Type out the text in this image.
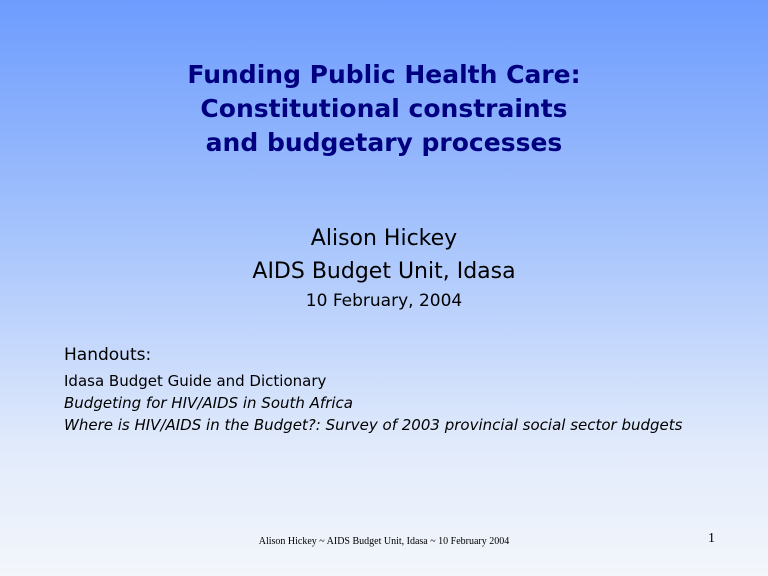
Funding Public Health Care:
Constitutional constraints
and budgetary processes
Alison Hickey
AIDS Budget Unit, Idasa
10 February, 2004
Handouts:

Idasa Budget Guide and Dictionary

Budgeting for HIV/AIDS in South Africa

Where is HIV/AIDS in the Budget?: Survey of 2003 provincial social sector budgets

Alison Hickey ~ AIDS Budget Unit, Idasa ~ 10 February 2004	1
